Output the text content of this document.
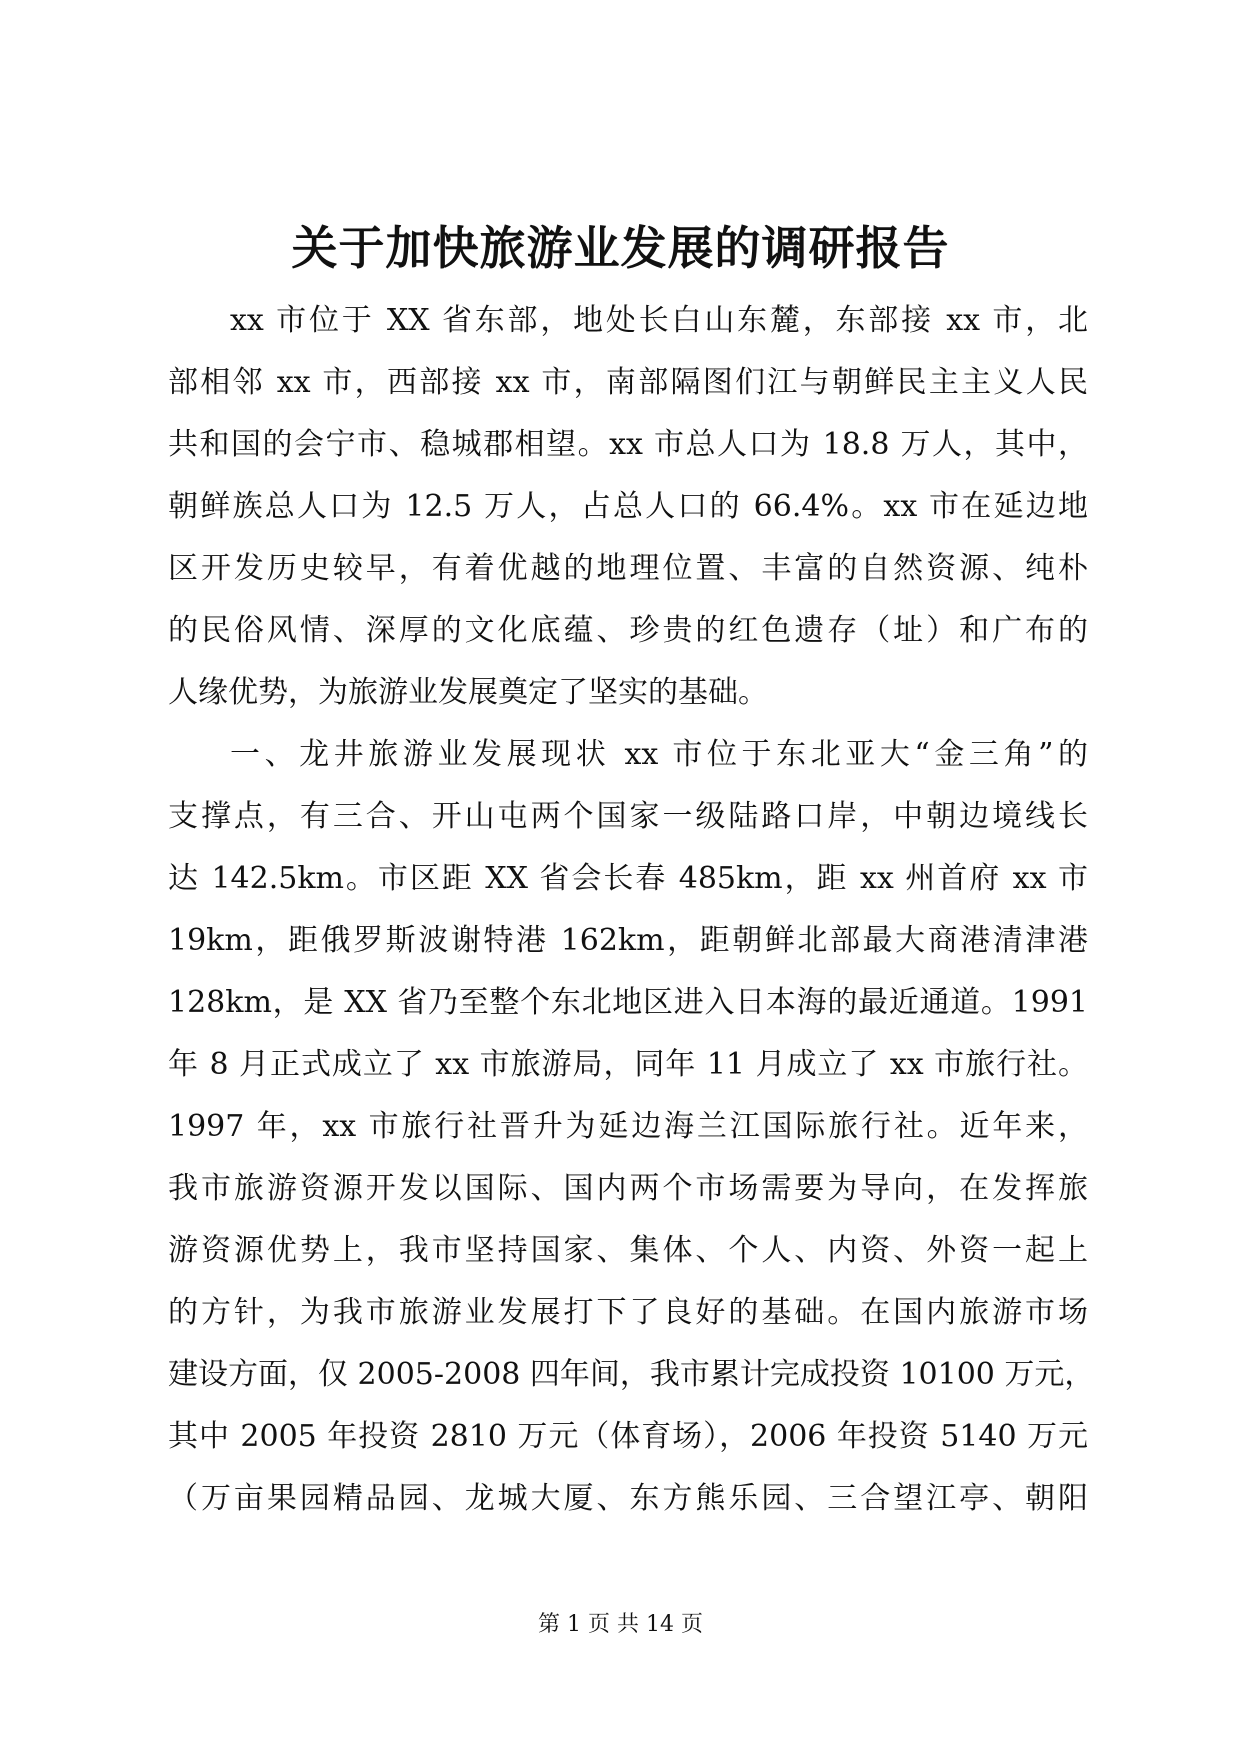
关于加快旅游业发展的调研报告
xx 市位于 XX 省东部，地处长白山东麓，东部接 xx 市，北
部相邻 xx 市，西部接 xx 市，南部隔图们江与朝鲜民主主义人民
共和国的会宁市、稳城郡相望。xx 市总人口为 18.8 万人，其中，
朝鲜族总人口为 12.5 万人，占总人口的 66.4%。xx 市在延边地
区开发历史较早，有着优越的地理位置、丰富的自然资源、纯朴
的民俗风情、深厚的文化底蕴、珍贵的红色遗存（址）和广布的
人缘优势，为旅游业发展奠定了坚实的基础。
一、龙井旅游业发展现状 xx 市位于东北亚大“金三角”的
支撑点，有三合、开山屯两个国家一级陆路口岸，中朝边境线长
达 142.5km。市区距 XX 省会长春 485km，距 xx 州首府 xx 市
19km，距俄罗斯波谢特港 162km，距朝鲜北部最大商港清津港
128km，是 XX 省乃至整个东北地区进入日本海的最近通道。1991
年 8 月正式成立了 xx 市旅游局，同年 11 月成立了 xx 市旅行社。
1997 年，xx 市旅行社晋升为延边海兰江国际旅行社。近年来，
我市旅游资源开发以国际、国内两个市场需要为导向，在发挥旅
游资源优势上，我市坚持国家、集体、个人、内资、外资一起上
的方针，为我市旅游业发展打下了良好的基础。在国内旅游市场
建设方面，仅 2005-2008 四年间，我市累计完成投资 10100 万元，
其中 2005 年投资 2810 万元（体育场），2006 年投资 5140 万元
（万亩果园精品园、龙城大厦、东方熊乐园、三合望江亭、朝阳
第 1 页 共 14 页
